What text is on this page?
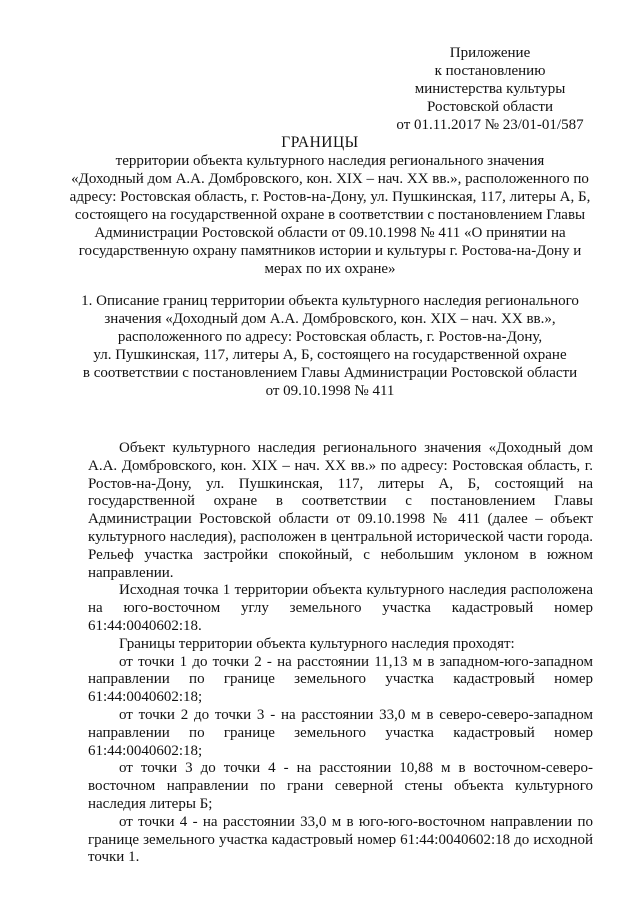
Приложение
к постановлению
министерства культуры
Ростовской области
от 01.11.2017 № 23/01-01/587
ГРАНИЦЫ
территории объекта культурного наследия регионального значения
«Доходный дом А.А. Домбровского, кон. XIX – нач. XX вв.», расположенного по
адресу: Ростовская область, г. Ростов-на-Дону, ул. Пушкинская, 117, литеры А, Б,
состоящего на государственной охране в соответствии с постановлением Главы
Администрации Ростовской области от 09.10.1998 № 411 «О принятии на
государственную охрану памятников истории и культуры г. Ростова-на-Дону и
мерах по их охране»
1. Описание границ территории объекта культурного наследия регионального
значения «Доходный дом А.А. Домбровского, кон. XIX – нач. XX вв.»,
расположенного по адресу: Ростовская область, г. Ростов-на-Дону,
ул. Пушкинская, 117, литеры А, Б, состоящего на государственной охране
в соответствии с постановлением Главы Администрации Ростовской области
от 09.10.1998 № 411

Объект культурного наследия регионального значения «Доходный дом А.А. Домбровского, кон. XIX – нач. XX вв.» по адресу: Ростовская область, г. Ростов-на-Дону, ул. Пушкинская, 117, литеры А, Б, состоящий на государственной охране в соответствии с постановлением Главы Администрации Ростовской области от 09.10.1998 № 411 (далее – объект культурного наследия), расположен в центральной исторической части города. Рельеф участка застройки спокойный, с небольшим уклоном в южном направлении.

Исходная точка 1 территории объекта культурного наследия расположена на юго-восточном углу земельного участка кадастровый номер 61:44:0040602:18.

Границы территории объекта культурного наследия проходят:

от точки 1 до точки 2 - на расстоянии 11,13 м в западном-юго-западном направлении по границе земельного участка кадастровый номер 61:44:0040602:18;

от точки 2 до точки 3 - на расстоянии 33,0 м в северо-северо-западном направлении по границе земельного участка кадастровый номер 61:44:0040602:18;

от точки 3 до точки 4 - на расстоянии 10,88 м в восточном-северо-восточном направлении по грани северной стены объекта культурного наследия литеры Б;

от точки 4 - на расстоянии 33,0 м в юго-юго-восточном направлении по границе земельного участка кадастровый номер 61:44:0040602:18 до исходной точки 1.
